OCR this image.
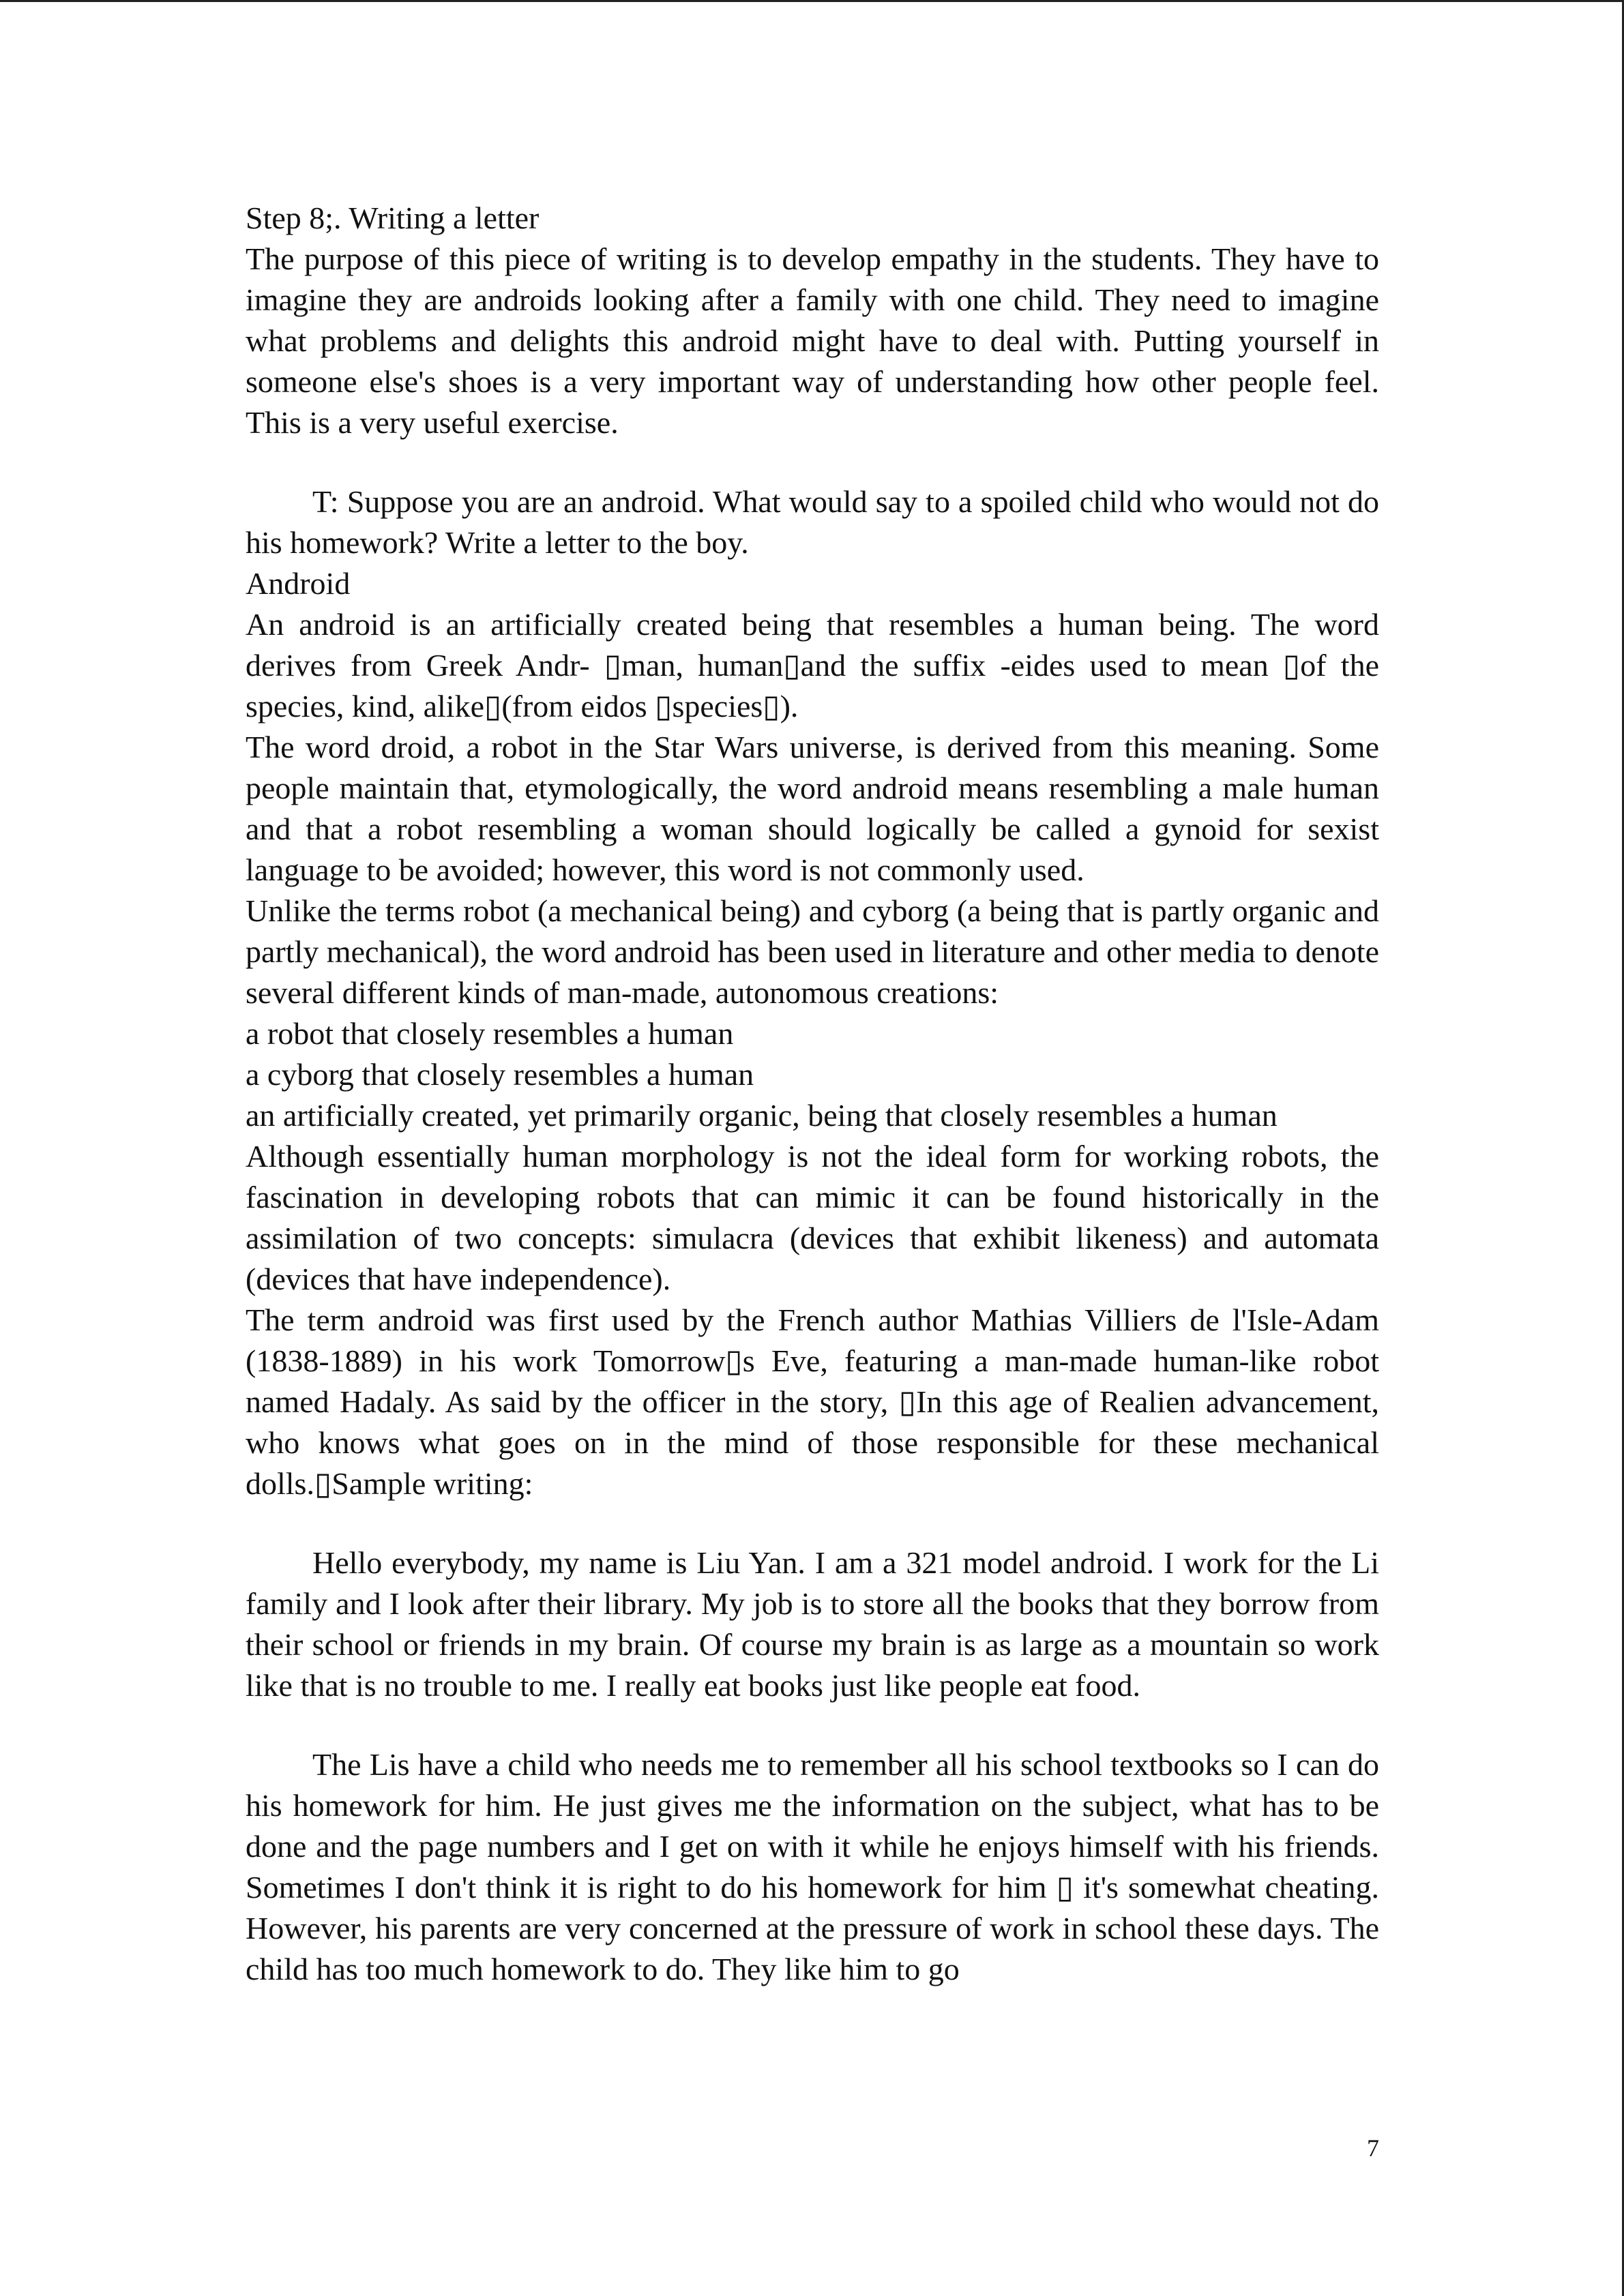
Step 8;. Writing a letter

The purpose of this piece of writing is to develop empathy in the students. They have to imagine they are androids looking after a family with one child. They need to imagine what problems and delights this android might have to deal with. Putting yourself in someone else's shoes is a very important way of understanding how other people feel. This is a very useful exercise.

T: Suppose you are an android. What would say to a spoiled child who would not do his homework? Write a letter to the boy.

Android

An android is an artificially created being that resembles a human being. The word derives from Greek Andr- ▯man, human▯and the suffix -eides used to mean ▯of the species, kind, alike▯(from eidos ▯species▯).

The word droid, a robot in the Star Wars universe, is derived from this meaning. Some people maintain that, etymologically, the word android means resembling a male human and that a robot resembling a woman should logically be called a gynoid for sexist language to be avoided; however, this word is not commonly used.

Unlike the terms robot (a mechanical being) and cyborg (a being that is partly organic and partly mechanical), the word android has been used in literature and other media to denote several different kinds of man-made, autonomous creations:

a robot that closely resembles a human

a cyborg that closely resembles a human

an artificially created, yet primarily organic, being that closely resembles a human

Although essentially human morphology is not the ideal form for working robots, the fascination in developing robots that can mimic it can be found historically in the assimilation of two concepts: simulacra (devices that exhibit likeness) and automata (devices that have independence).

The term android was first used by the French author Mathias Villiers de l'Isle-Adam (1838-1889) in his work Tomorrow▯s Eve, featuring a man-made human-like robot named Hadaly. As said by the officer in the story, ▯In this age of Realien advancement, who knows what goes on in the mind of those responsible for these mechanical dolls.▯Sample writing:

Hello everybody, my name is Liu Yan. I am a 321 model android. I work for the Li family and I look after their library. My job is to store all the books that they borrow from their school or friends in my brain. Of course my brain is as large as a mountain so work like that is no trouble to me. I really eat books just like people eat food.

The Lis have a child who needs me to remember all his school textbooks so I can do his homework for him. He just gives me the information on the subject, what has to be done and the page numbers and I get on with it while he enjoys himself with his friends. Sometimes I don't think it is right to do his homework for him ▯ it's somewhat cheating. However, his parents are very concerned at the pressure of work in school these days. The child has too much homework to do. They like him to go

7
